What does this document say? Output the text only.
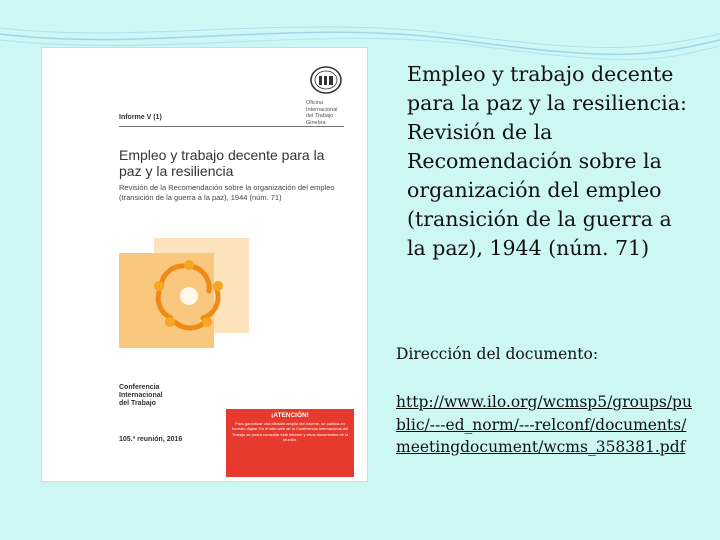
Oficina
Internacional
del Trabajo
Ginebra
Informe V (1)
Empleo y trabajo decente para la paz y la resiliencia
Revisión de la Recomendación sobre la organización del empleo (transición de la guerra a la paz), 1944 (núm. 71)
Conferencia
Internacional
del Trabajo
105.ª reunión, 2016
¡ATENCIÓN!
Para garantizar una difusión amplia del informe, se publica en formato digital. En el sitio web de la Conferencia Internacional del Trabajo se podrá consultar este informe y otros documentos de la reunión.
Empleo y trabajo decente para la paz y la resiliencia: Revisión de la Recomendación sobre la organización del empleo (transición de la guerra a la paz), 1944 (núm. 71)
Dirección del documento:
http://www.ilo.org/wcmsp5/groups/public/---ed_norm/---relconf/documents/meetingdocument/wcms_358381.pdf
